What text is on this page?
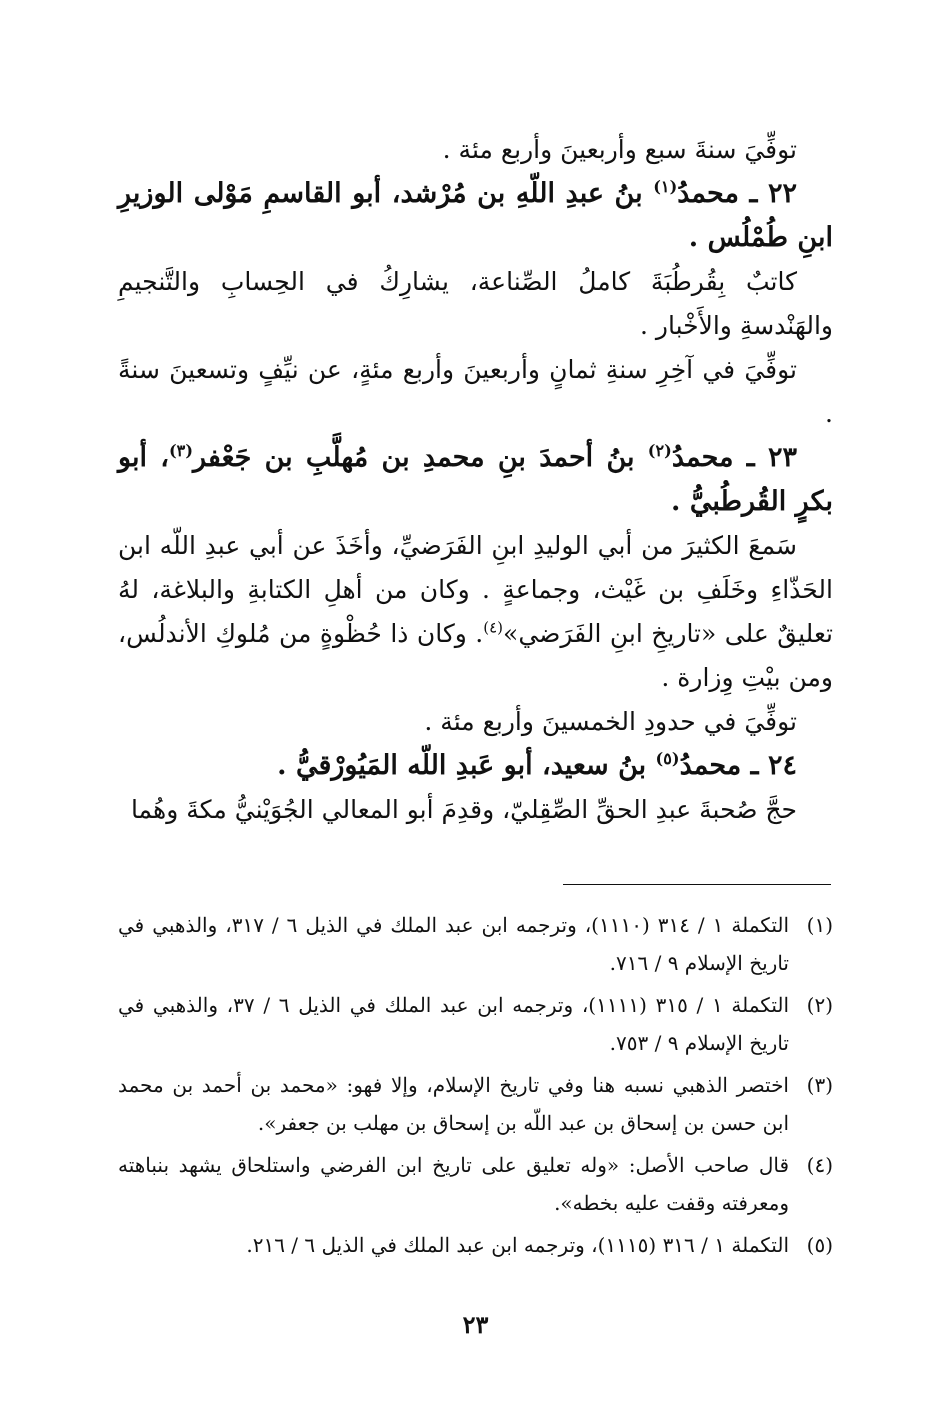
توفِّيَ سنةَ سبع وأربعينَ وأربع مئة .

٢٢ ـ محمدُ$^{(١)}$ بنُ عبدِ اللّهِ بن مُرْشد، أبو القاسمِ مَوْلى الوزيرِ ابنِ طُمْلُس .

كاتبٌ بِقُرطُبَةَ كاملُ الصِّناعة، يشارِكُ في الحِسابِ والتَّنجيمِ والهَنْدسةِ والأَخْبار .

توفِّيَ في آخِرِ سنةِ ثمانٍ وأربعينَ وأربع مئةٍ، عن نيِّفٍ وتسعينَ سنةً .

٢٣ ـ محمدُ$^{(٢)}$ بنُ أحمدَ بنِ محمدِ بن مُهلَّبِ بن جَعْفر$^{(٣)}$، أبو بكرٍ القُرطُبيُّ .

سَمعَ الكثيرَ من أبي الوليدِ ابنِ الفَرَضيِّ، وأخَذَ عن أبي عبدِ اللّه ابن الحَذّاءِ وخَلَفِ بن غَيْث، وجماعةٍ . وكان من أهلِ الكتابةِ والبلاغة، لهُ تعليقٌ على «تاريخِ ابنِ الفَرَضي»$^{(٤)}$. وكان ذا حُظْوةٍ من مُلوكِ الأندلُس، ومن بيْتِ وِزارة .

توفِّيَ في حدودِ الخمسينَ وأربع مئة .

٢٤ ـ محمدُ$^{(٥)}$ بنُ سعيد، أبو عَبدِ اللّه المَيُورْقيُّ .

حجَّ صُحبةَ عبدِ الحقِّ الصِّقِليّ، وقدِمَ أبو المعالي الجُوَيْنيُّ مكةَ وهُما

(١)
التكملة ١ / ٣١٤ (١١١٠)، وترجمه ابن عبد الملك في الذيل ٦ / ٣١٧، والذهبي في تاريخ الإسلام ٩ / ٧١٦.
(٢)
التكملة ١ / ٣١٥ (١١١١)، وترجمه ابن عبد الملك في الذيل ٦ / ٣٧، والذهبي في تاريخ الإسلام ٩ / ٧٥٣.
(٣)
اختصر الذهبي نسبه هنا وفي تاريخ الإسلام، وإلا فهو: «محمد بن أحمد بن محمد ابن حسن بن إسحاق بن عبد اللّه بن إسحاق بن مهلب بن جعفر».
(٤)
قال صاحب الأصل: «وله تعليق على تاريخ ابن الفرضي واستلحاق يشهد بنباهته ومعرفته وقفت عليه بخطه».
(٥)
التكملة ١ / ٣١٦ (١١١٥)، وترجمه ابن عبد الملك في الذيل ٦ / ٢١٦.
٢٣
